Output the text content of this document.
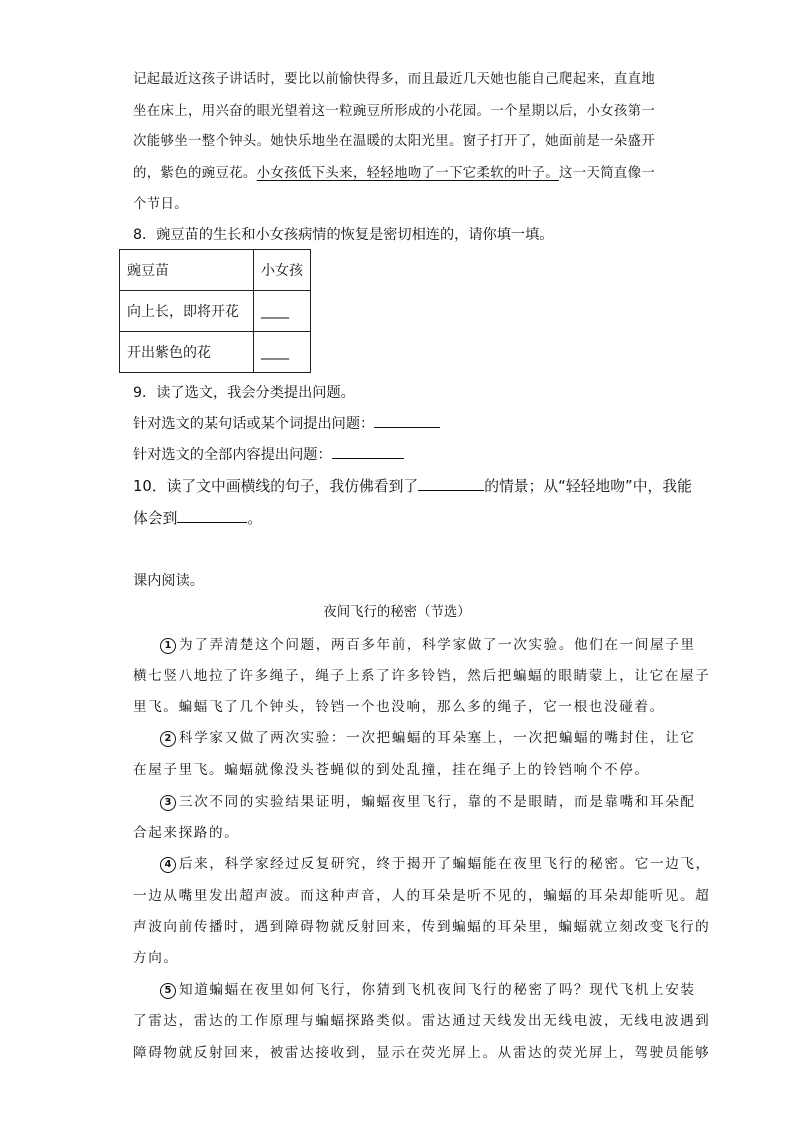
记起最近这孩子讲话时，要比以前愉快得多，而且最近几天她也能自己爬起来，直直地
坐在床上，用兴奋的眼光望着这一粒豌豆所形成的小花园。一个星期以后，小女孩第一
次能够坐一整个钟头。她快乐地坐在温暖的太阳光里。窗子打开了，她面前是一朵盛开
的，紫色的豌豆花。小女孩低下头来，轻轻地吻了一下它柔软的叶子。这一天简直像一
个节日。
8．豌豆苗的生长和小女孩病情的恢复是密切相连的，请你填一填。
豌豆苗	小女孩
向上长，即将开花	____
开出紫色的花	____
9．读了选文，我会分类提出问题。
针对选文的某句话或某个词提出问题：
针对选文的全部内容提出问题：
10．读了文中画横线的句子，我仿佛看到了	的情景；从“轻轻地吻”中，我能
体会到	。
课内阅读。
夜间飞行的秘密（节选）
1 为了弄清楚这个问题，两百多年前，科学家做了一次实验。他们在一间屋子里
横七竖八地拉了许多绳子，绳子上系了许多铃铛，然后把蝙蝠的眼睛蒙上，让它在屋子
里飞。蝙蝠飞了几个钟头，铃铛一个也没响，那么多的绳子，它一根也没碰着。
2 科学家又做了两次实验：一次把蝙蝠的耳朵塞上，一次把蝙蝠的嘴封住，让它
在屋子里飞。蝙蝠就像没头苍蝇似的到处乱撞，挂在绳子上的铃铛响个不停。
3 三次不同的实验结果证明，蝙蝠夜里飞行，靠的不是眼睛，而是靠嘴和耳朵配
合起来探路的。
4 后来，科学家经过反复研究，终于揭开了蝙蝠能在夜里飞行的秘密。它一边飞，
一边从嘴里发出超声波。而这种声音，人的耳朵是听不见的，蝙蝠的耳朵却能听见。超
声波向前传播时，遇到障碍物就反射回来，传到蝙蝠的耳朵里，蝙蝠就立刻改变飞行的
方向。
5 知道蝙蝠在夜里如何飞行，你猜到飞机夜间飞行的秘密了吗？现代飞机上安装
了雷达，雷达的工作原理与蝙蝠探路类似。雷达通过天线发出无线电波，无线电波遇到
障碍物就反射回来，被雷达接收到，显示在荧光屏上。从雷达的荧光屏上，驾驶员能够
